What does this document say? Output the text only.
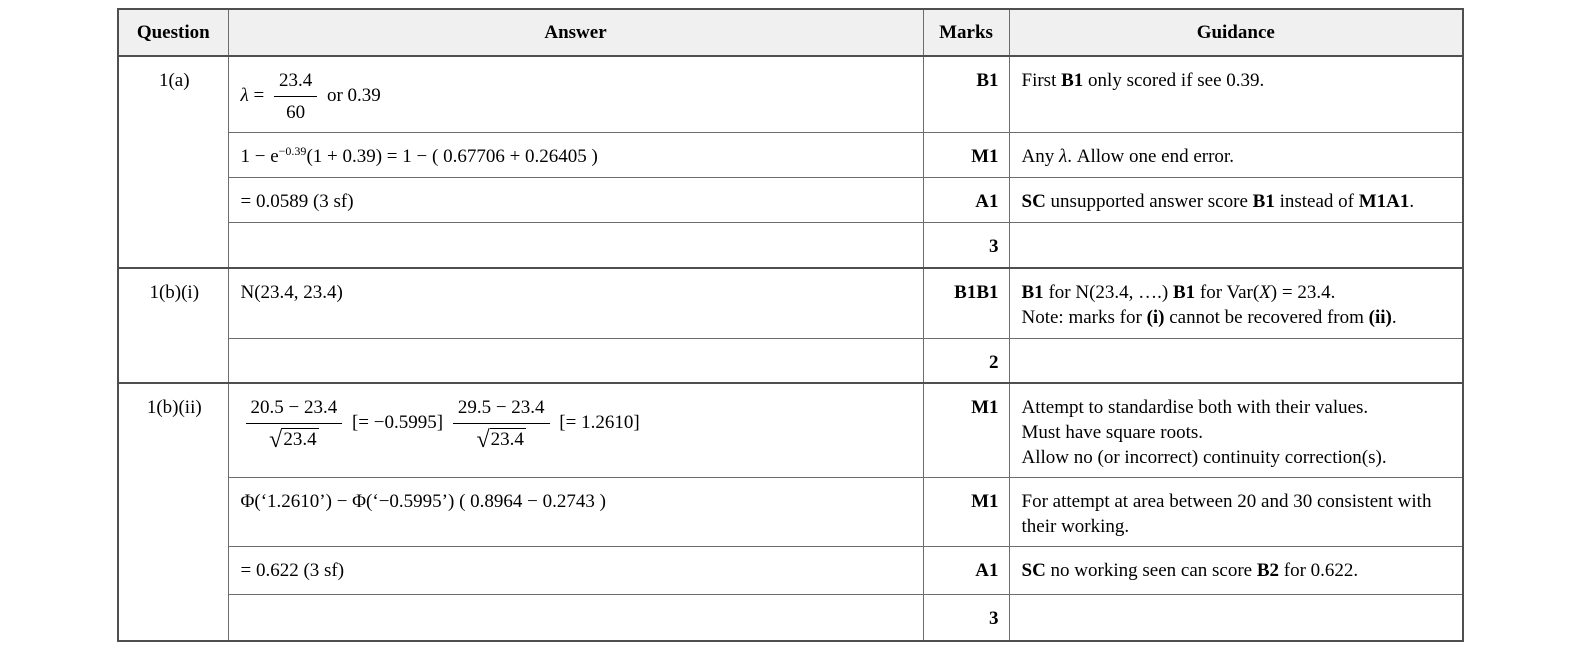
Question	Answer	Marks	Guidance
1(a)	$\lambda = \frac{23.4}{60}$ or 0.39	B1	First B1 only scored if see 0.39.

	$1 - e^{-0.39}(1 + 0.39) = 1$ − ( 0.67706 + 0.26405 )	M1	Any λ. Allow one end error.

	= 0.0589 (3 sf)	A1	SC unsupported answer score B1 instead of M1A1.

		3	
1(b)(i)	N(23.4, 23.4)	B1B1	B1 for N(23.4, ….) B1 for Var(X) = 23.4.
Note: marks for (i) cannot be recovered from (ii).

		2	
1(b)(ii)	$\frac{20.5 - 23.4}{√23.4}$ [= $-0.5995] \frac{29.5 - 23.4}{√23.4}$ [= 1.2610]	M1	Attempt to standardise both with their values.
Must have square roots.
Allow no (or incorrect) continuity correction(s).

	Φ(‘1.2610’) − Φ(‘−0.5995’) ( 0.8964 − 0.2743 )	M1	For attempt at area between 20 and 30 consistent with their working.

	= 0.622 (3 sf)	A1	SC no working seen can score B2 for 0.622.

		3	
